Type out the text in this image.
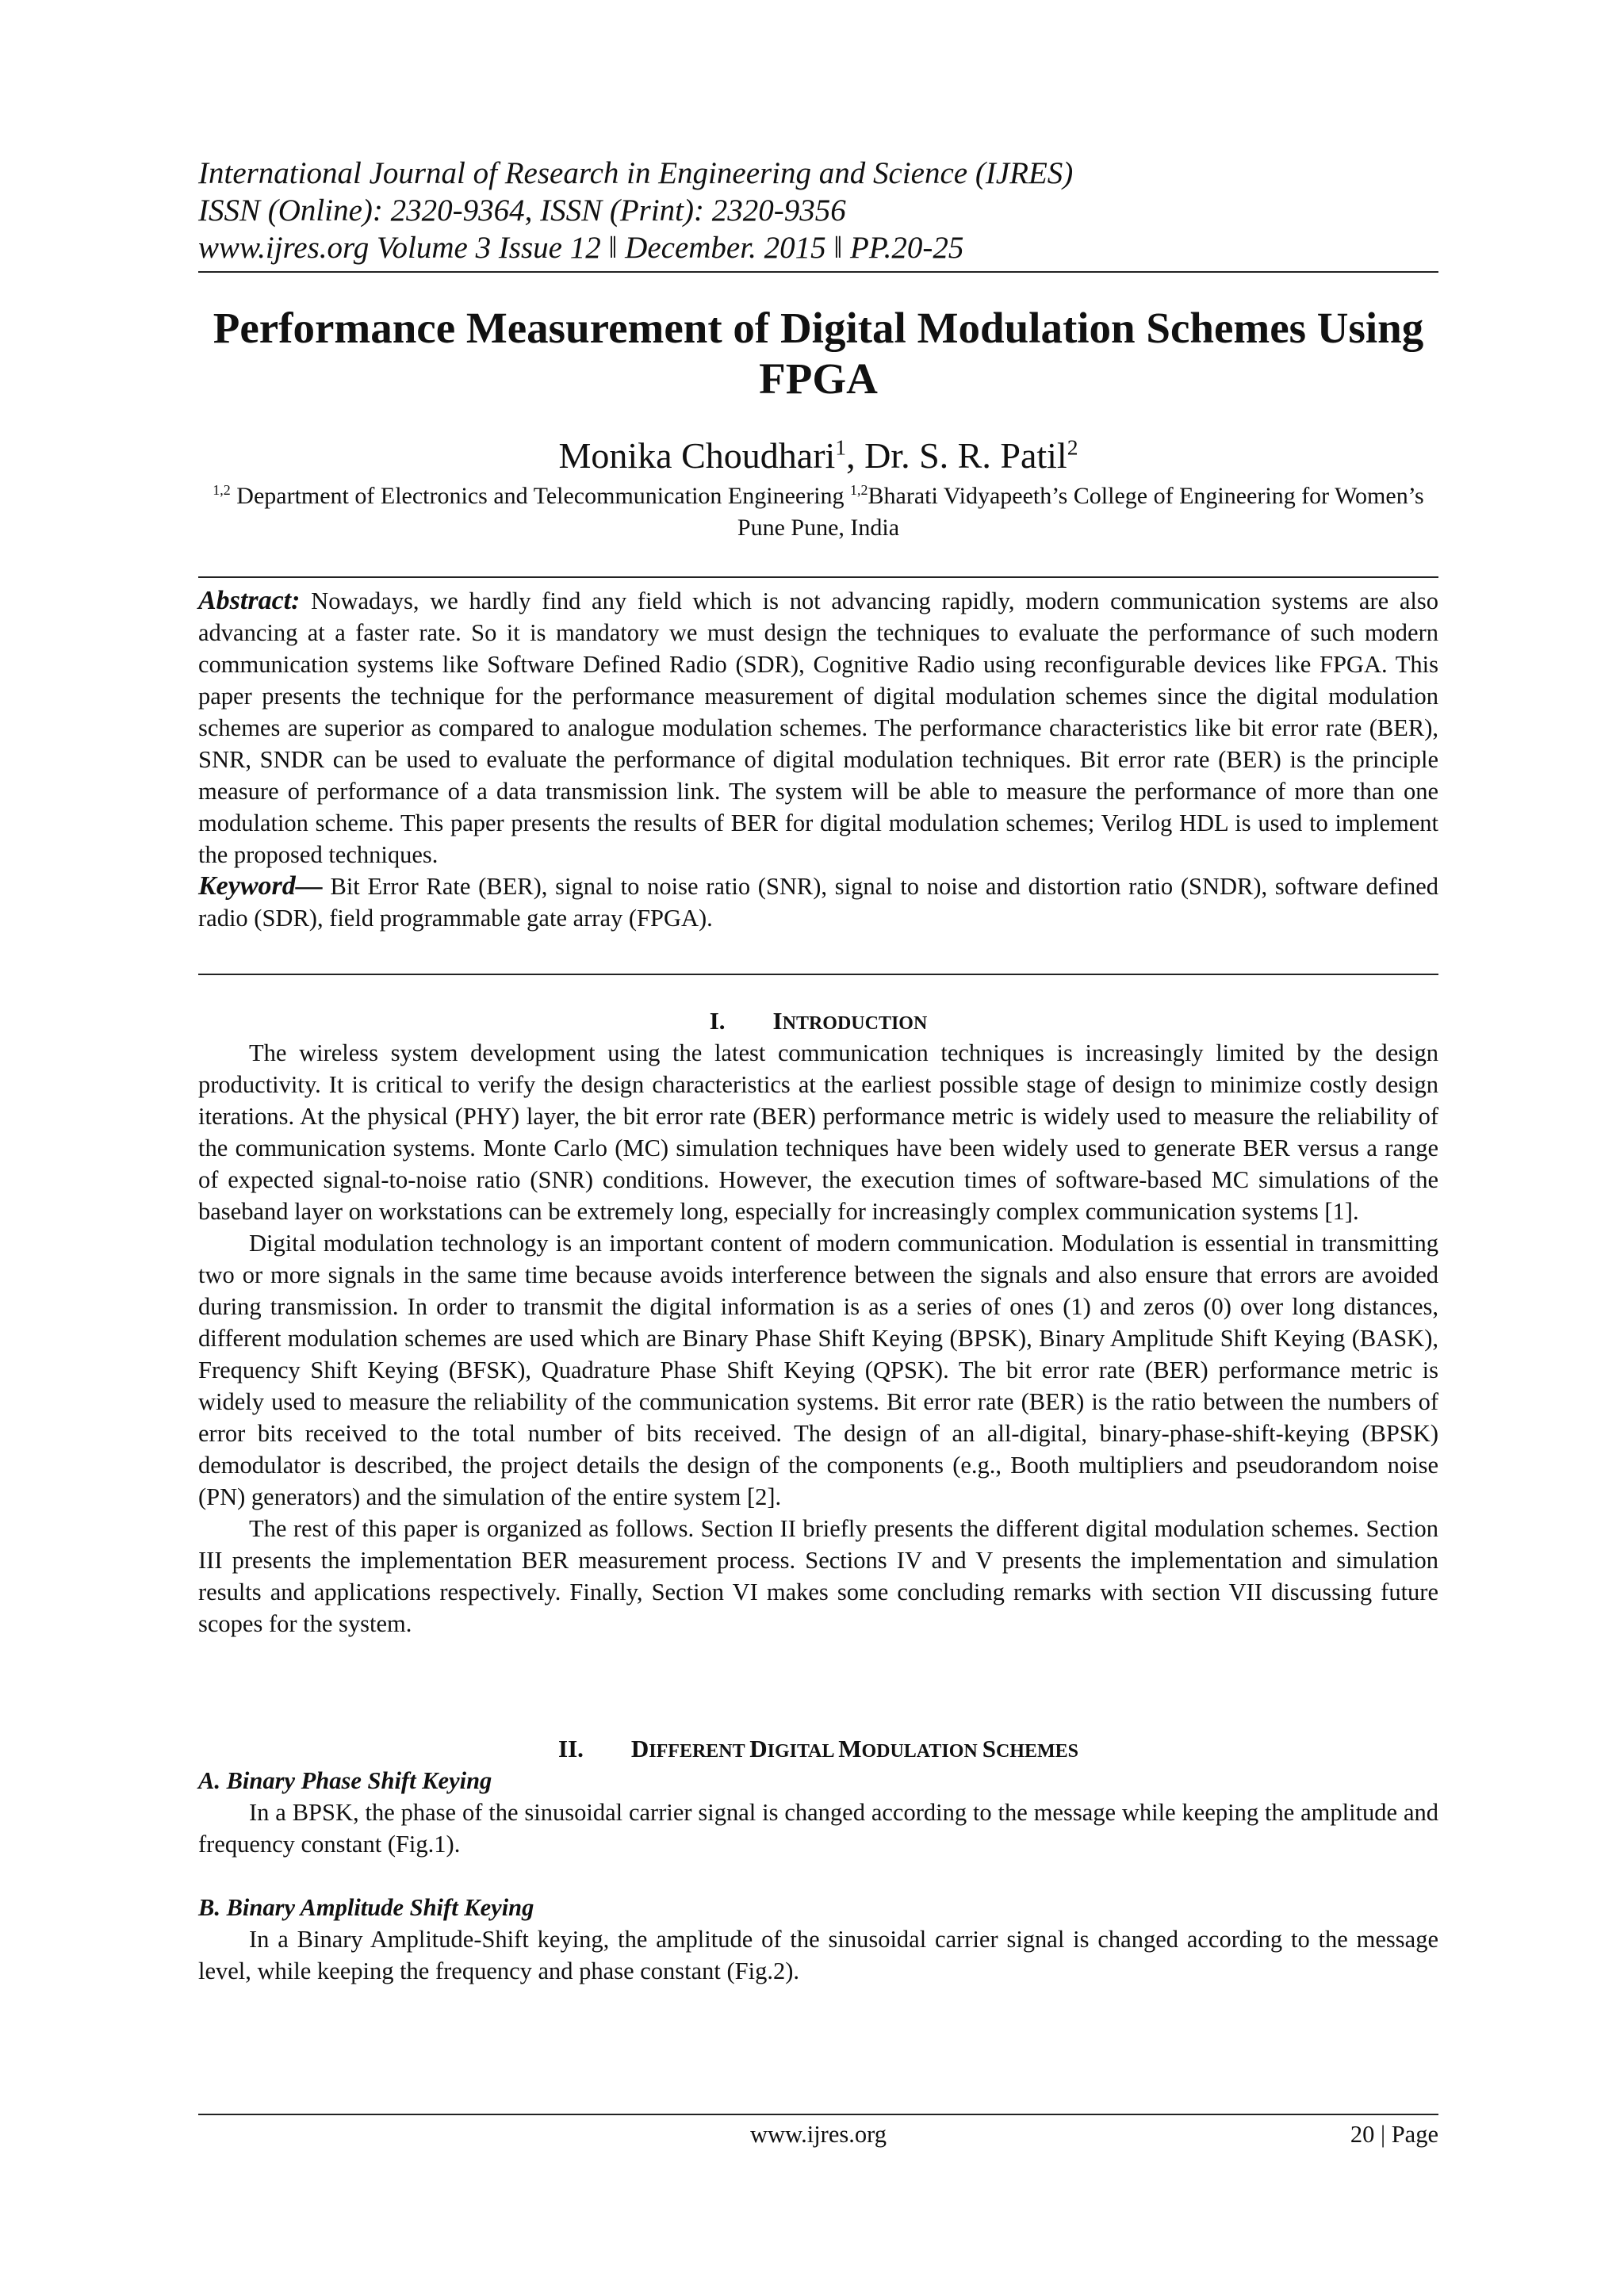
International Journal of Research in Engineering and Science (IJRES)
ISSN (Online): 2320-9364, ISSN (Print): 2320-9356
www.ijres.org Volume 3 Issue 12 ǁ December. 2015 ǁ PP.20-25
Performance Measurement of Digital Modulation Schemes Using FPGA
Monika Choudhari$^1$, Dr. S. R. Patil$^2$
$^{1,2}$ Department of Electronics and Telecommunication Engineering $^{1,2}$Bharati Vidyapeeth’s College of Engineering for Women’s Pune Pune, India
Abstract: Nowadays, we hardly find any field which is not advancing rapidly, modern communication systems are also advancing at a faster rate. So it is mandatory we must design the techniques to evaluate the performance of such modern communication systems like Software Defined Radio (SDR), Cognitive Radio using reconfigurable devices like FPGA. This paper presents the technique for the performance measurement of digital modulation schemes since the digital modulation schemes are superior as compared to analogue modulation schemes. The performance characteristics like bit error rate (BER), SNR, SNDR can be used to evaluate the performance of digital modulation techniques. Bit error rate (BER) is the principle measure of performance of a data transmission link. The system will be able to measure the performance of more than one modulation scheme. This paper presents the results of BER for digital modulation schemes; Verilog HDL is used to implement the proposed techniques.
Keyword— Bit Error Rate (BER), signal to noise ratio (SNR), signal to noise and distortion ratio (SNDR), software defined radio (SDR), field programmable gate array (FPGA).
I. INTRODUCTION

The wireless system development using the latest communication techniques is increasingly limited by the design productivity. It is critical to verify the design characteristics at the earliest possible stage of design to minimize costly design iterations. At the physical (PHY) layer, the bit error rate (BER) performance metric is widely used to measure the reliability of the communication systems. Monte Carlo (MC) simulation techniques have been widely used to generate BER versus a range of expected signal-to-noise ratio (SNR) conditions. However, the execution times of software-based MC simulations of the baseband layer on workstations can be extremely long, especially for increasingly complex communication systems [1].

Digital modulation technology is an important content of modern communication. Modulation is essential in transmitting two or more signals in the same time because avoids interference between the signals and also ensure that errors are avoided during transmission. In order to transmit the digital information is as a series of ones (1) and zeros (0) over long distances, different modulation schemes are used which are Binary Phase Shift Keying (BPSK), Binary Amplitude Shift Keying (BASK), Frequency Shift Keying (BFSK), Quadrature Phase Shift Keying (QPSK). The bit error rate (BER) performance metric is widely used to measure the reliability of the communication systems. Bit error rate (BER) is the ratio between the numbers of error bits received to the total number of bits received. The design of an all-digital, binary-phase-shift-keying (BPSK) demodulator is described, the project details the design of the components (e.g., Booth multipliers and pseudorandom noise (PN) generators) and the simulation of the entire system [2].

The rest of this paper is organized as follows. Section II briefly presents the different digital modulation schemes. Section III presents the implementation BER measurement process. Sections IV and V presents the implementation and simulation results and applications respectively. Finally, Section VI makes some concluding remarks with section VII discussing future scopes for the system.

II. DIFFERENT DIGITAL MODULATION SCHEMES
A. Binary Phase Shift Keying

In a BPSK, the phase of the sinusoidal carrier signal is changed according to the message while keeping the amplitude and frequency constant (Fig.1).

B. Binary Amplitude Shift Keying

In a Binary Amplitude-Shift keying, the amplitude of the sinusoidal carrier signal is changed according to the message level, while keeping the frequency and phase constant (Fig.2).

www.ijres.org	20 | Page
